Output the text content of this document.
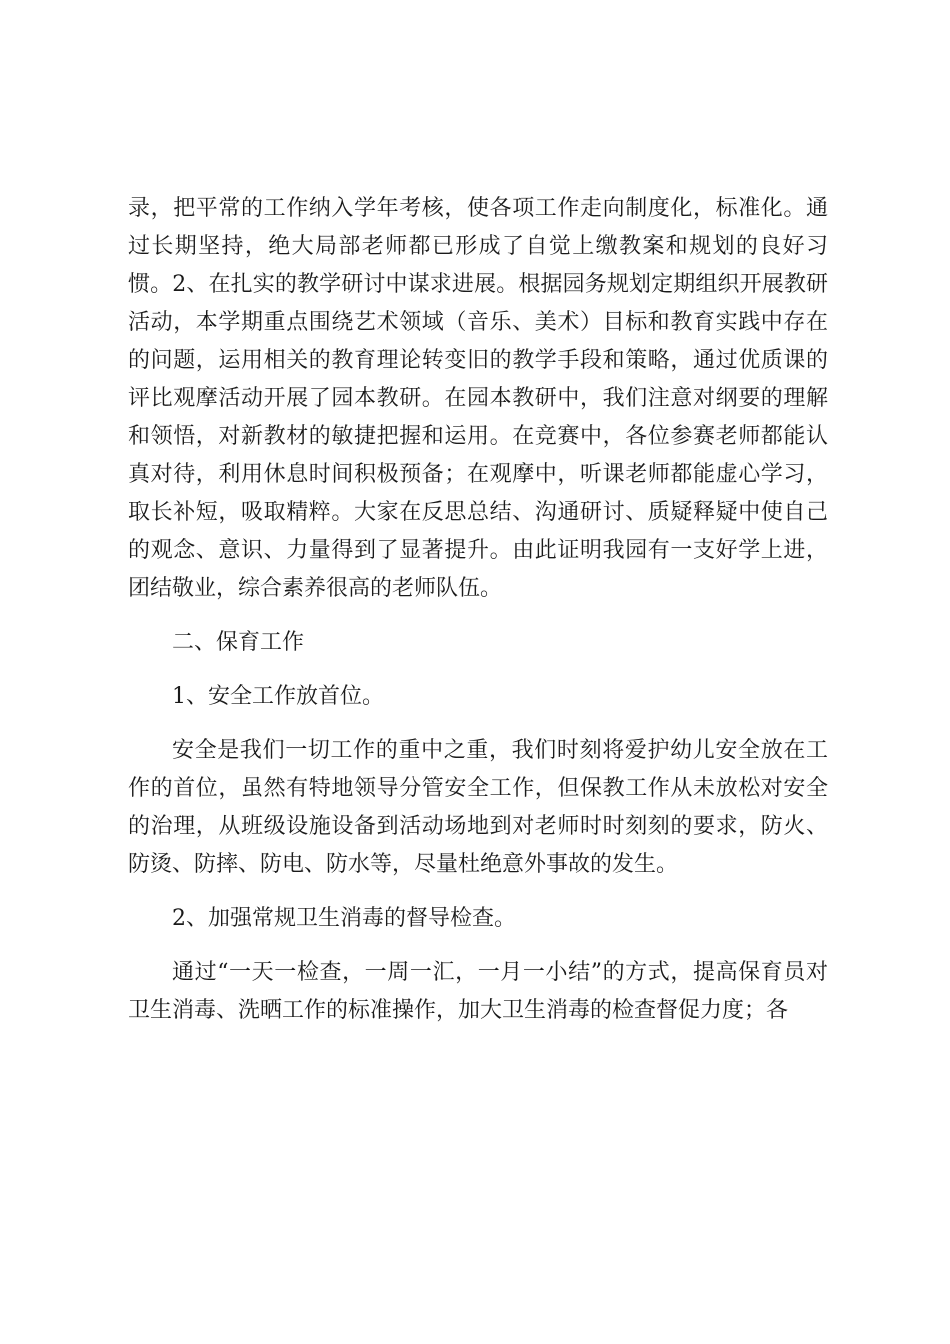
录，把平常的工作纳入学年考核，使各项工作走向制度化，标准化。通过长期坚持，绝大局部老师都已形成了自觉上缴教案和规划的良好习惯。2、在扎实的教学研讨中谋求进展。根据园务规划定期组织开展教研活动，本学期重点围绕艺术领域（音乐、美术）目标和教育实践中存在的问题，运用相关的教育理论转变旧的教学手段和策略，通过优质课的评比观摩活动开展了园本教研。在园本教研中，我们注意对纲要的理解和领悟，对新教材的敏捷把握和运用。在竞赛中，各位参赛老师都能认真对待，利用休息时间积极预备；在观摩中，听课老师都能虚心学习，取长补短，吸取精粹。大家在反思总结、沟通研讨、质疑释疑中使自己的观念、意识、力量得到了显著提升。由此证明我园有一支好学上进，团结敬业，综合素养很高的老师队伍。

二、保育工作

1、安全工作放首位。

安全是我们一切工作的重中之重，我们时刻将爱护幼儿安全放在工作的首位，虽然有特地领导分管安全工作，但保教工作从未放松对安全的治理，从班级设施设备到活动场地到对老师时时刻刻的要求，防火、防烫、防摔、防电、防水等，尽量杜绝意外事故的发生。

2、加强常规卫生消毒的督导检查。

通过“一天一检查，一周一汇，一月一小结”的方式，提高保育员对卫生消毒、洗晒工作的标准操作，加大卫生消毒的检查督促力度；各
